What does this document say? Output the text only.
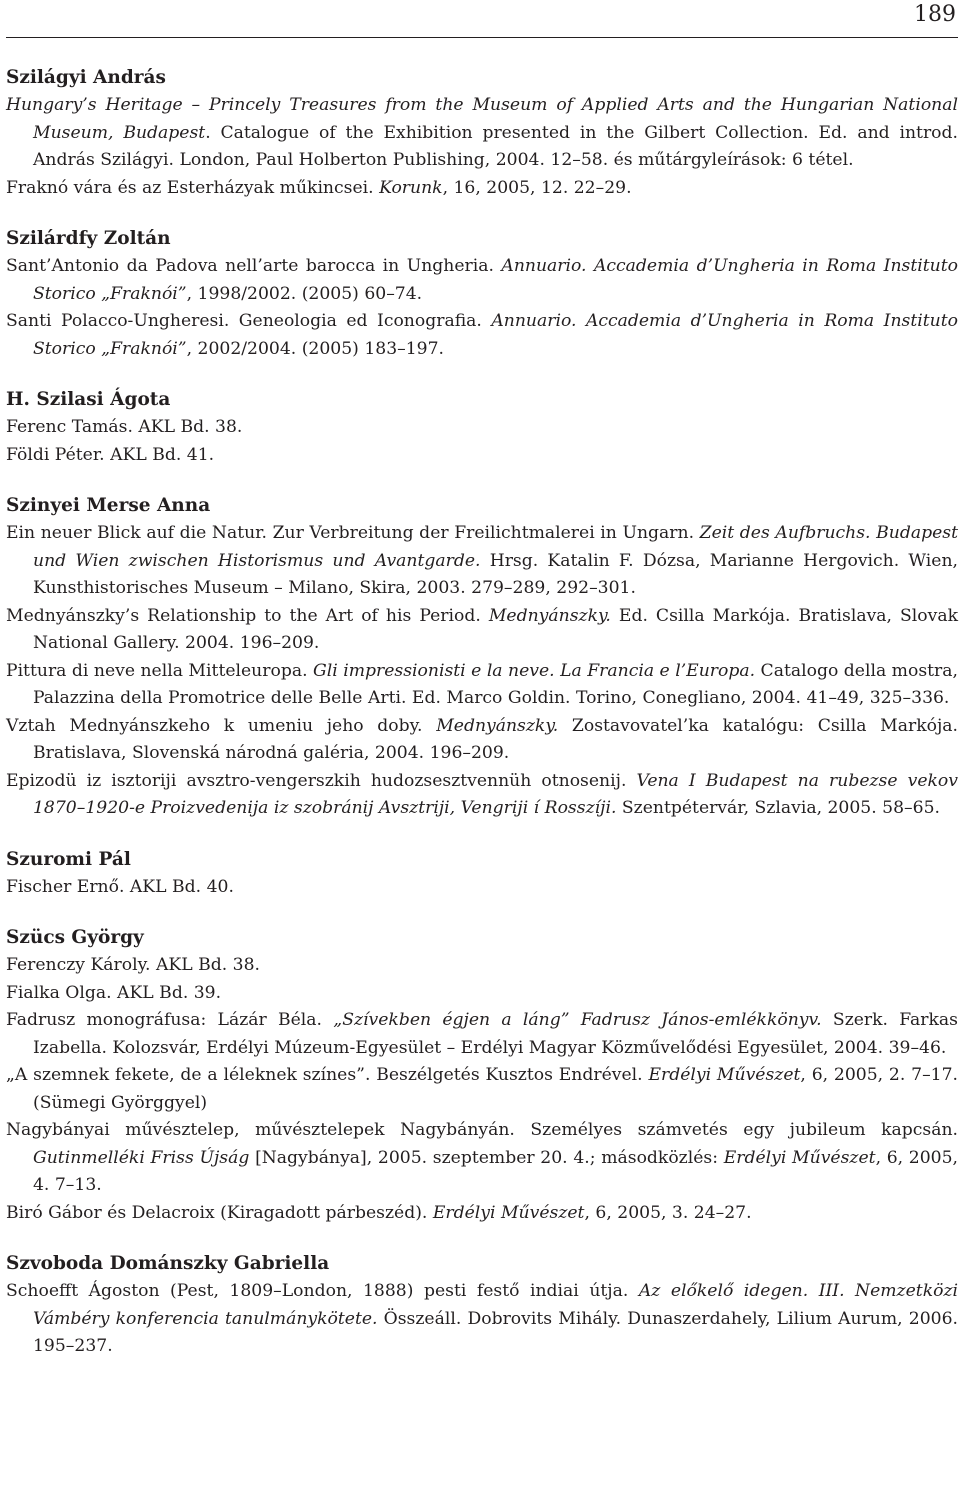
189

Szilágyi András

Hungary’s Heritage – Princely Treasures from the Museum of Applied Arts and the Hungarian National Museum, Budapest. Catalogue of the Exhibition presented in the Gilbert Collection. Ed. and introd. András Szilágyi. London, Paul Holberton Publishing, 2004. 12–58. és műtárgyleírások: 6 tétel.

Fraknó vára és az Esterházyak műkincsei. Korunk, 16, 2005, 12. 22–29.

Szilárdfy Zoltán

Sant’Antonio da Padova nell’arte barocca in Ungheria. Annuario. Accademia d’Ungheria in Roma Instituto Storico „Fraknói”, 1998/2002. (2005) 60–74.

Santi Polacco-Ungheresi. Geneologia ed Iconografia. Annuario. Accademia d’Ungheria in Roma Instituto Storico „Fraknói”, 2002/2004. (2005) 183–197.

H. Szilasi Ágota

Ferenc Tamás. AKL Bd. 38.

Földi Péter. AKL Bd. 41.

Szinyei Merse Anna

Ein neuer Blick auf die Natur. Zur Verbreitung der Freilichtmalerei in Ungarn. Zeit des Aufbruchs. Budapest und Wien zwischen Historismus und Avantgarde. Hrsg. Katalin F. Dózsa, Marianne Hergovich. Wien, Kunsthistorisches Museum – Milano, Skira, 2003. 279–289, 292–301.

Mednyánszky’s Relationship to the Art of his Period. Mednyánszky. Ed. Csilla Markója. Bratislava, Slovak National Gallery. 2004. 196–209.

Pittura di neve nella Mitteleuropa. Gli impressionisti e la neve. La Francia e l’Europa. Catalogo della mostra, Palazzina della Promotrice delle Belle Arti. Ed. Marco Goldin. Torino, Conegliano, 2004. 41–49, 325–336.

Vztah Mednyánszkeho k umeniu jeho doby. Mednyánszky. Zostavovatel’ka katalógu: Csilla Markója. Bratislava, Slovenská národná galéria, 2004. 196–209.

Epizodü iz isztoriji avsztro-vengerszkih hudozsesztvennüh otnosenij. Vena I Budapest na rubezse vekov 1870–1920-e Proizvedenija iz szobránij Avsztriji, Vengriji í Rosszíji. Szentpétervár, Szlavia, 2005. 58–65.

Szuromi Pál

Fischer Ernő. AKL Bd. 40.

Szücs György

Ferenczy Károly. AKL Bd. 38.

Fialka Olga. AKL Bd. 39.

Fadrusz monográfusa: Lázár Béla. „Szívekben égjen a láng” Fadrusz János-emlékkönyv. Szerk. Farkas Izabella. Kolozsvár, Erdélyi Múzeum-Egyesület – Erdélyi Magyar Közművelődési Egyesület, 2004. 39–46.

„A szemnek fekete, de a léleknek színes”. Beszélgetés Kusztos Endrével. Erdélyi Művészet, 6, 2005, 2. 7–17. (Sümegi Györggyel)

Nagybányai művésztelep, művésztelepek Nagybányán. Személyes számvetés egy jubileum kapcsán. Gutinmelléki Friss Újság [Nagybánya], 2005. szeptember 20. 4.; másodközlés: Erdélyi Művészet, 6, 2005, 4. 7–13.

Biró Gábor és Delacroix (Kiragadott párbeszéd). Erdélyi Művészet, 6, 2005, 3. 24–27.

Szvoboda Dománszky Gabriella

Schoefft Ágoston (Pest, 1809–London, 1888) pesti festő indiai útja. Az előkelő idegen. III. Nemzetközi Vámbéry konferencia tanulmánykötete. Összeáll. Dobrovits Mihály. Dunaszerdahely, Lilium Aurum, 2006. 195–237.
